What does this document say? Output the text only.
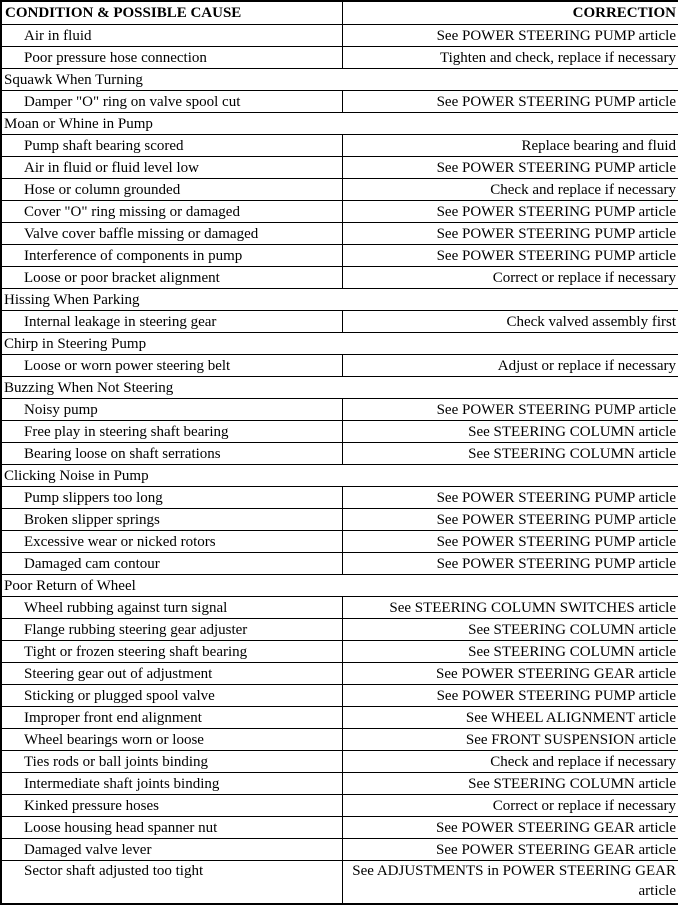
CONDITION & POSSIBLE CAUSE	CORRECTION
Air in fluid	See POWER STEERING PUMP article
Poor pressure hose connection	Tighten and check, replace if necessary
Squawk When Turning	
Damper "O" ring on valve spool cut	See POWER STEERING PUMP article
Moan or Whine in Pump	
Pump shaft bearing scored	Replace bearing and fluid
Air in fluid or fluid level low	See POWER STEERING PUMP article
Hose or column grounded	Check and replace if necessary
Cover "O" ring missing or damaged	See POWER STEERING PUMP article
Valve cover baffle missing or damaged	See POWER STEERING PUMP article
Interference of components in pump	See POWER STEERING PUMP article
Loose or poor bracket alignment	Correct or replace if necessary
Hissing When Parking	
Internal leakage in steering gear	Check valved assembly first
Chirp in Steering Pump	
Loose or worn power steering belt	Adjust or replace if necessary
Buzzing When Not Steering	
Noisy pump	See POWER STEERING PUMP article
Free play in steering shaft bearing	See STEERING COLUMN article
Bearing loose on shaft serrations	See STEERING COLUMN article
Clicking Noise in Pump	
Pump slippers too long	See POWER STEERING PUMP article
Broken slipper springs	See POWER STEERING PUMP article
Excessive wear or nicked rotors	See POWER STEERING PUMP article
Damaged cam contour	See POWER STEERING PUMP article
Poor Return of Wheel	
Wheel rubbing against turn signal	See STEERING COLUMN SWITCHES article
Flange rubbing steering gear adjuster	See STEERING COLUMN article
Tight or frozen steering shaft bearing	See STEERING COLUMN article
Steering gear out of adjustment	See POWER STEERING GEAR article
Sticking or plugged spool valve	See POWER STEERING PUMP article
Improper front end alignment	See WHEEL ALIGNMENT article
Wheel bearings worn or loose	See FRONT SUSPENSION article
Ties rods or ball joints binding	Check and replace if necessary
Intermediate shaft joints binding	See STEERING COLUMN article
Kinked pressure hoses	Correct or replace if necessary
Loose housing head spanner nut	See POWER STEERING GEAR article
Damaged valve lever	See POWER STEERING GEAR article
Sector shaft adjusted too tight	See ADJUSTMENTS in POWER STEERING GEAR article
